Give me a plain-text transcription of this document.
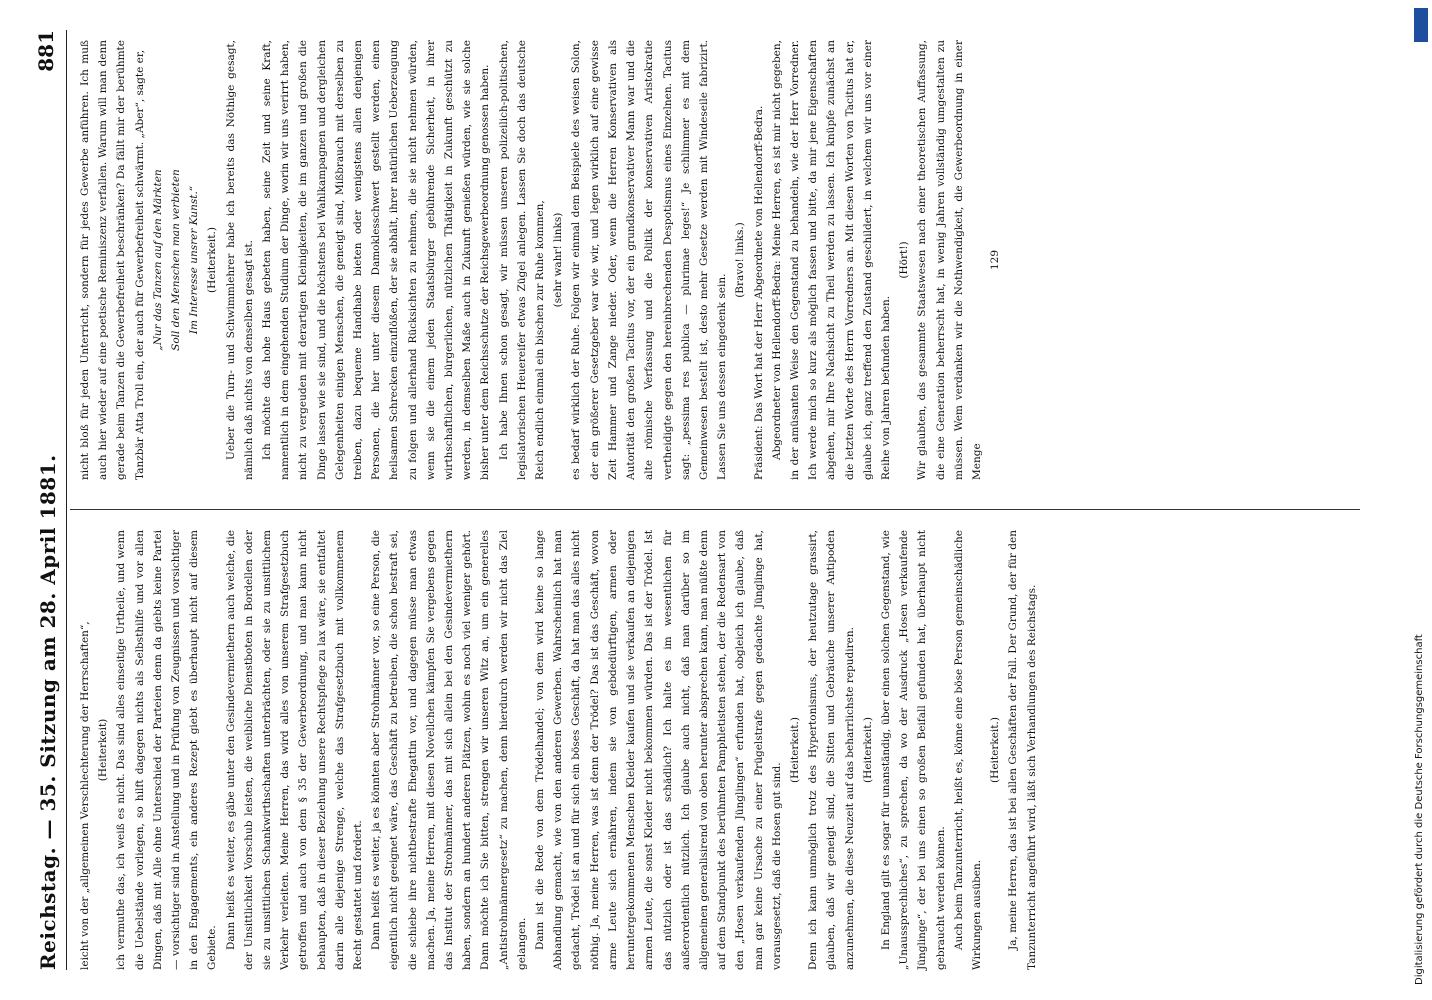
Reichstag. — 35. Sitzung am 28. April 1881.
881

leicht von der „allgemeinen Verschlechterung der Herrschaften“, (Heiterkeit) ich vermuthe das, ich weiß es nicht. Das sind alles einseitige Urtheile, und wenn die Uebelstände vorliegen, so hilft dagegen nichts als Selbsthilfe und vor allen Dingen, daß mit Alle ohne Unterschied der Parteien denn da giebts keine Partei — vorsichtiger sind in Anstellung und in Prüfung von Zeugnissen und vorsichtiger in den Engagements, ein anderes Rezept giebt es überhaupt nicht auf diesem Gebiete. Dann heißt es weiter, es gäbe unter den Gesindevermiethern auch welche, die der Unsittlichkeit Vorschub leisten, die weibliche Dienstboten in Bordellen oder sie zu unsittlichen Schankwirthschaften unterbrächten, oder sie zu unsittlichem Verkehr verleiten. Meine Herren, das wird alles von unserem Strafgesetzbuch getroffen und auch von dem § 35 der Gewerbeordnung, und man kann nicht behaupten, daß in dieser Beziehung unsere Rechtspflege zu lax wäre, sie entfaltet darin alle diejenige Strenge, welche das Strafgesetzbuch mit vollkommenem Recht gestattet und fordert. Dann heißt es weiter, ja es könnten aber Strohmänner vor, so eine Person, die eigentlich nicht geeignet wäre, das Geschäft zu betreiben, die schon bestraft sei, die schiebe ihre nichtbestrafte Ehegattin vor, und dagegen müsse man etwas machen. Ja, meine Herren, mit diesen Novellchen kämpfen Sie vergebens gegen das Institut der Strohmänner, das mit sich allein bei den Gesindevermiethern haben, sondern an hundert anderen Plätzen, wohin es noch viel weniger gehört. Dann möchte ich Sie bitten, strengen wir unseren Witz an, um ein generelles „Antistrohmännergesetz“ zu machen, denn hierdurch werden wir nicht das Ziel gelangen. Dann ist die Rede von dem Trödelhandel; von dem wird keine so lange Abhandlung gemacht, wie von den anderen Gewerben. Wahrscheinlich hat man gedacht, Trödel ist an und für sich ein böses Geschäft, da hat man das alles nicht nöthig. Ja, meine Herren, was ist denn der Trödel? Das ist das Geschäft, wovon arme Leute sich ernähren, indem sie von gebdedürftigen, armen oder heruntergekommenen Menschen Kleider kaufen und sie verkaufen an diejenigen armen Leute, die sonst Kleider nicht bekommen würden. Das ist der Trödel. Ist das nützlich oder ist das schädlich? Ich halte es im wesentlichen für außerordentlich nützlich. Ich glaube auch nicht, daß man darüber so im allgemeinen generalisirend von oben herunter absprechen kann, man müßte denn auf dem Standpunkt des berühmten Pamphletisten stehen, der die Redensart von den „Hosen verkaufenden Jünglingen“ erfunden hat, obgleich ich glaube, daß man gar keine Ursache zu einer Prügelstrafe gegen gedachte Jünglinge hat, vorausgesetzt, daß die Hosen gut sind.

(Heiterkeit.) Denn ich kann unmöglich trotz des Hypertonismus, der heutzutage grassirt, glauben, daß wir geneigt sind, die Sitten und Gebräuche unserer Antipoden anzunehmen, die diese Neuzeit auf das beharrlichste repudiren. (Heiterkeit.) In England gilt es sogar für unanständig, über einen solchen Gegenstand, wie „Unaussprechliches“, zu sprechen, da wo der Ausdruck „Hosen verkaufende Jünglinge“, der bei uns einen so großen Beifall gefunden hat, überhaupt nicht gebraucht werden können. Auch beim Tanzunterricht, heißt es, könne eine böse Person gemeinschädliche Wirkungen ausüben.

(Heiterkeit.) Ja, meine Herren, das ist bei allen Geschäften der Fall. Der Grund, der für den Tanzunterricht angeführt wird, läßt sich Verhandlungen des Reichstags.

nicht bloß für jeden Unterricht, sondern für jedes Gewerbe anführen. Ich muß auch hier wieder auf eine poetische Reminiszenz verfallen. Warum will man denn gerade beim Tanzen die Gewerbefreiheit beschränken? Da fällt mir der berühmte Tanzbär Atta Troll ein, der auch für Gewerbefreiheit schwärmt. „Aber“, sagte er, „Nur das Tanzen auf den Märkten Soll den Menschen man verbieten Im Interesse unsrer Kunst.“ (Heiterkeit.) Ueber die Turn- und Schwimmlehrer habe ich bereits das Nöthige gesagt, nämlich daß nichts von denselben gesagt ist. Ich möchte das hohe Haus gebeten haben, seine Zeit und seine Kraft, namentlich in dem eingehenden Studium der Dinge, worin wir uns verirrt haben, nicht zu vergeuden mit derartigen Kleinigkeiten, die im ganzen und großen die Dinge lassen wie sie sind, und die höchstens bei Wahlkampagnen und dergleichen Gelegenheiten einigen Menschen, die geneigt sind, Mißbrauch mit derselben zu treiben, dazu bequeme Handhabe bieten oder wenigstens allen denjenigen Personen, die hier unter diesem Damoklesschwert gestellt werden, einen heilsamen Schrecken einzuflößen, der sie abhält, ihrer natürlichen Ueberzeugung zu folgen und allerhand Rücksichten zu nehmen, die sie nicht nehmen würden, wenn sie die einem jeden Staatsbürger gebührende Sicherheit, in ihrer wirthschaftlichen, bürgerlichen, nützlichen Thätigkeit in Zukunft geschützt zu werden, in demselben Maße auch in Zukunft genießen würden, wie sie solche bisher unter dem Reichsschutze der Reichsgewerbeordnung genossen haben. Ich habe Ihnen schon gesagt, wir müssen unseren polizeilich-politischen, legislatorischen Heuereifer etwas Zügel anlegen. Lassen Sie doch das deutsche Reich endlich einmal ein bischen zur Ruhe kommen, (sehr wahr! links) es bedarf wirklich der Ruhe. Folgen wir einmal dem Beispiele des weisen Solon, der ein größerer Gesetzgeber war wie wir, und legen wirklich auf eine gewisse Zeit Hammer und Zange nieder. Oder, wenn die Herren Konservativen als Autorität den großen Tacitus vor, der ein grundkonservativer Mann war und die alte römische Verfassung und die Politik der konservativen Aristokratie vertheidigte gegen den hereinbrechenden Despotismus eines Einzelnen. Tacitus sagt: „pessima res publica — plurimae leges!“ Je schlimmer es mit dem Gemeinwesen bestellt ist, desto mehr Gesetze werden mit Windeseile fabrizirt. Lassen Sie uns dessen eingedenk sein.

(Bravo! links.) Präsident: Das Wort hat der Herr Abgeordnete von Hellendorff-Bedra. Abgeordneter von Hellendorff-Bedra: Meine Herren, es ist mir nicht gegeben, in der amüsanten Weise den Gegenstand zu behandeln, wie der Herr Vorredner. Ich werde mich so kurz als möglich fassen und bitte, da mir jene Eigenschaften abgehen, mir Ihre Nachsicht zu Theil werden zu lassen. Ich knüpfe zunächst an die letzten Worte des Herrn Vorredners an. Mit diesen Worten von Tacitus hat er, glaube ich, ganz treffend den Zustand geschildert, in welchem wir uns vor einer Reihe von Jahren befunden haben.

(Hört!) Wir glaubten, das gesammte Staatswesen nach einer theoretischen Auffassung, die eine Generation beherrscht hat, in wenig Jahren vollständig umgestalten zu müssen. Wem verdanken wir die Nothwendigkeit, die Gewerbeordnung in einer Menge

129

Digitalisierung gefördert durch die Deutsche Forschungsgemeinschaft
